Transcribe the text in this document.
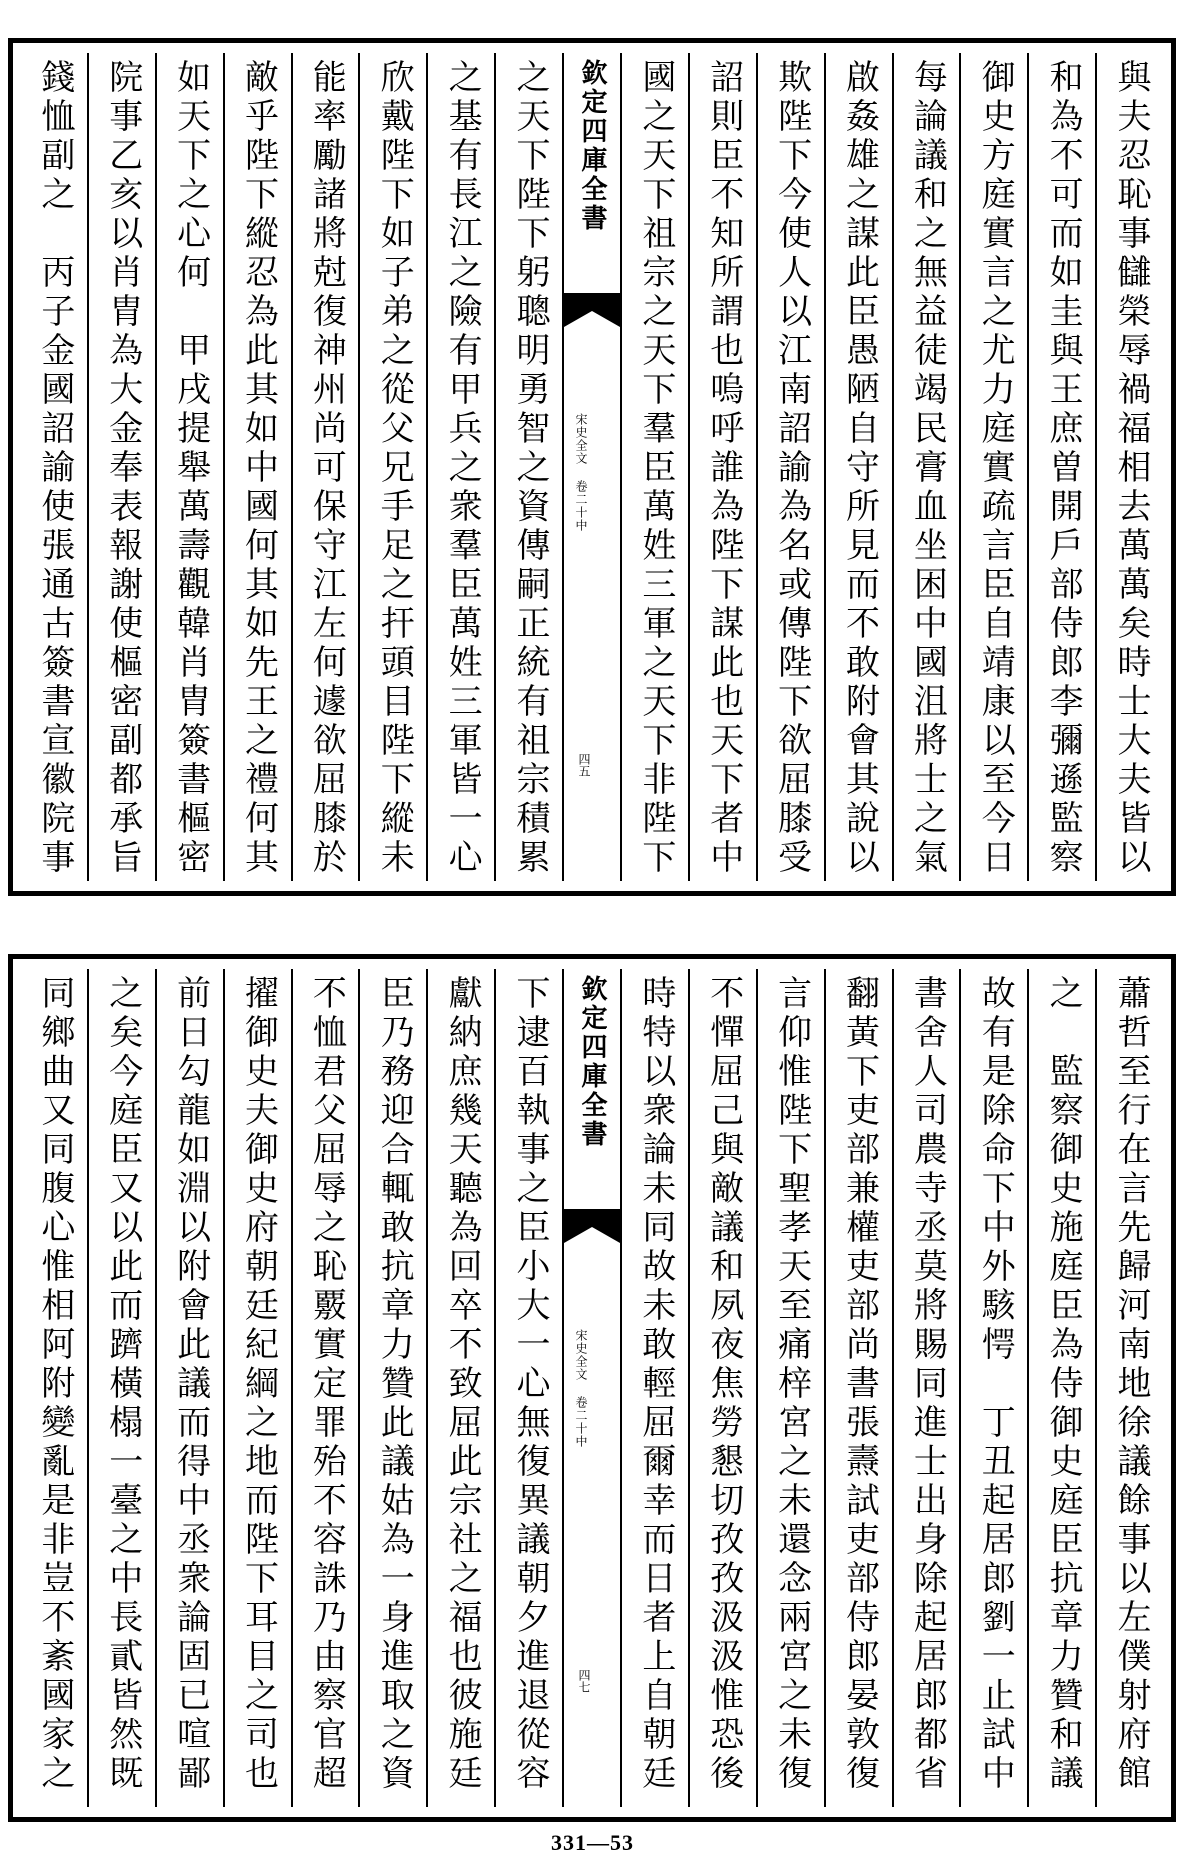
與夫忍恥事讎榮辱禍福相去萬萬矣時士大夫皆以
和為不可而如圭與王庶曽開戶部侍郎李彌遜監察
御史方庭實言之尤力庭實疏言臣自靖康以至今日
每論議和之無益徒竭民膏血坐困中國沮將士之氣
啟姦雄之謀此臣愚陋自守所見而不敢附會其說以
欺陛下今使人以江南詔諭為名或傳陛下欲屈膝受
詔則臣不知所謂也嗚呼誰為陛下謀此也天下者中
國之天下祖宗之天下羣臣萬姓三軍之天下非陛下
欽定四庫全書
宋史全文 卷二十中
四五
之天下陛下躬聰明勇智之資傳嗣正統有祖宗積累
之基有長江之險有甲兵之衆羣臣萬姓三軍皆一心
欣戴陛下如子弟之從父兄手足之扞頭目陛下縱未
能率勵諸將尅復神州尚可保守江左何遽欲屈膝於
敵乎陛下縱忍為此其如中國何其如先王之禮何其
如天下之心何　甲戌提舉萬壽觀韓肖胄簽書樞密
院事乙亥以肖胄為大金奉表報謝使樞密副都承旨
錢恤副之　丙子金國詔諭使張通古簽書宣徽院事
蕭哲至行在言先歸河南地徐議餘事以左僕射府館
之　監察御史施庭臣為侍御史庭臣抗章力贊和議
故有是除命下中外駭愕　丁丑起居郎劉一止試中
書舍人司農寺丞莫將賜同進士出身除起居郎都省
翻黃下吏部兼權吏部尚書張燾試吏部侍郎晏敦復
言仰惟陛下聖孝天至痛梓宮之未還念兩宮之未復
不憚屈己與敵議和夙夜焦勞懇切孜孜汲汲惟恐後
時特以衆論未同故未敢輕屈爾幸而日者上自朝廷
欽定四庫全書
宋史全文 卷二十中
四七
下逮百執事之臣小大一心無復異議朝夕進退從容
獻納庶幾天聽為回卒不致屈此宗社之福也彼施廷
臣乃務迎合輒敢抗章力贊此議姑為一身進取之資
不恤君父屈辱之恥覈實定罪殆不容誅乃由察官超
擢御史夫御史府朝廷紀綱之地而陛下耳目之司也
前日勾龍如淵以附會此議而得中丞衆論固已喧鄙
之矣今庭臣又以此而躋橫榻一臺之中長貳皆然既
同鄉曲又同腹心惟相阿附變亂是非豈不紊國家之
331—53
